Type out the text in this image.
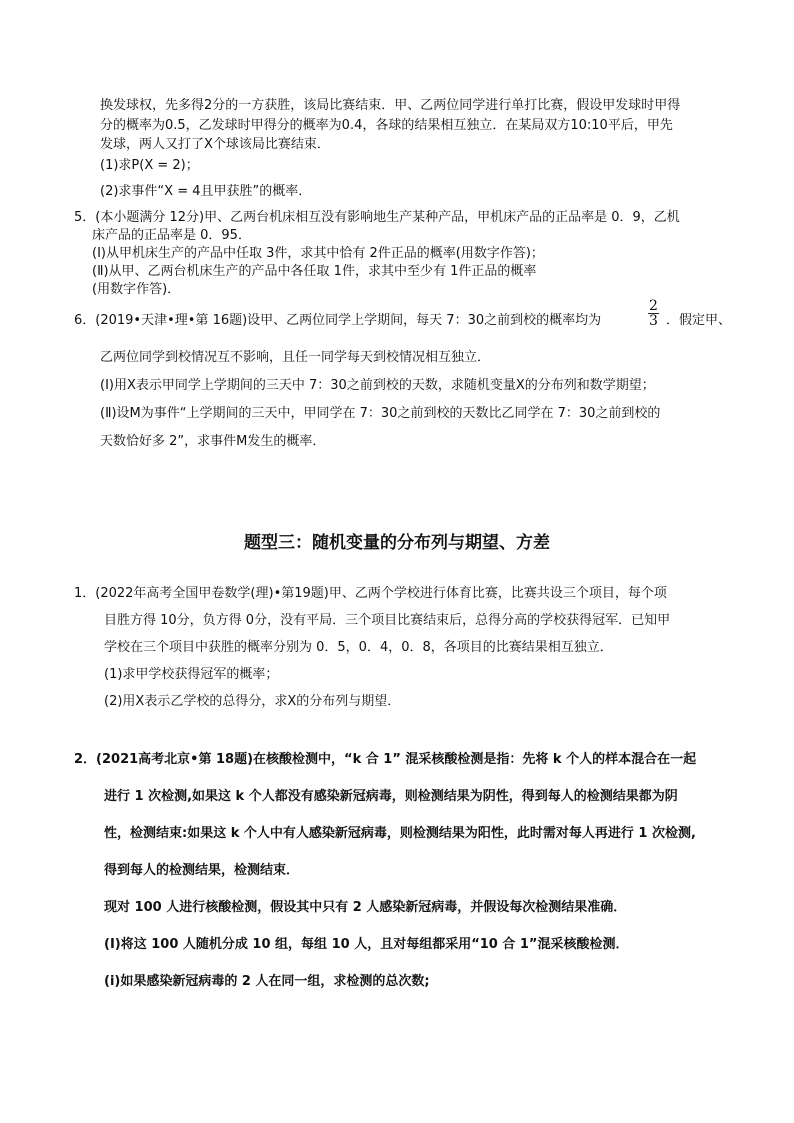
换发球权，先多得2分的一方获胜，该局比赛结束．甲、乙两位同学进行单打比赛，假设甲发球时甲得
分的概率为0.5，乙发球时甲得分的概率为0.4，各球的结果相互独立．在某局双方10:10平后，甲先
发球，两人又打了X个球该局比赛结束．
(1)求P(X = 2)；
(2)求事件“X = 4且甲获胜”的概率．
5．(本小题满分 12分)甲、乙两台机床相互没有影响地生产某种产品，甲机床产品的正品率是 0．9，乙机
床产品的正品率是 0．95．
(Ⅰ)从甲机床生产的产品中任取 3件，求其中恰有 2件正品的概率(用数字作答)；
(Ⅱ)从甲、乙两台机床生产的产品中各任取 1件，求其中至少有 1件正品的概率
(用数字作答)．
6．(2019•天津•理•第 16题)设甲、乙两位同学上学期间，每天 7：30之前到校的概率均为	$\frac{2}{3}$ ．假定甲、
乙两位同学到校情况互不影响，且任一同学每天到校情况相互独立．
(Ⅰ)用X表示甲同学上学期间的三天中 7：30之前到校的天数，求随机变量X的分布列和数学期望；
(Ⅱ)设M为事件“上学期间的三天中，甲同学在 7：30之前到校的天数比乙同学在 7：30之前到校的
天数恰好多 2”，求事件M发生的概率．
题型三：随机变量的分布列与期望、方差
1．(2022年高考全国甲卷数学(理)•第19题)甲、乙两个学校进行体育比赛，比赛共设三个项目，每个项
目胜方得 10分，负方得 0分，没有平局．三个项目比赛结束后，总得分高的学校获得冠军．已知甲
学校在三个项目中获胜的概率分别为 0．5，0．4，0．8，各项目的比赛结果相互独立．
(1)求甲学校获得冠军的概率；
(2)用X表示乙学校的总得分，求X的分布列与期望．
2．(2021高考北京•第 18题)在核酸检测中，“k 合 1” 混采核酸检测是指：先将 k 个人的样本混合在一起
进行 1 次检测,如果这 k 个人都没有感染新冠病毒，则检测结果为阴性，得到每人的检测结果都为阴
性，检测结束:如果这 k 个人中有人感染新冠病毒，则检测结果为阳性，此时需对每人再进行 1 次检测,
得到每人的检测结果，检测结束．
现对 100 人进行核酸检测，假设其中只有 2 人感染新冠病毒，并假设每次检测结果准确．
(Ⅰ)将这 100 人随机分成 10 组，每组 10 人，且对每组都采用“10 合 1”混采核酸检测．
(i)如果感染新冠病毒的 2 人在同一组，求检测的总次数;
